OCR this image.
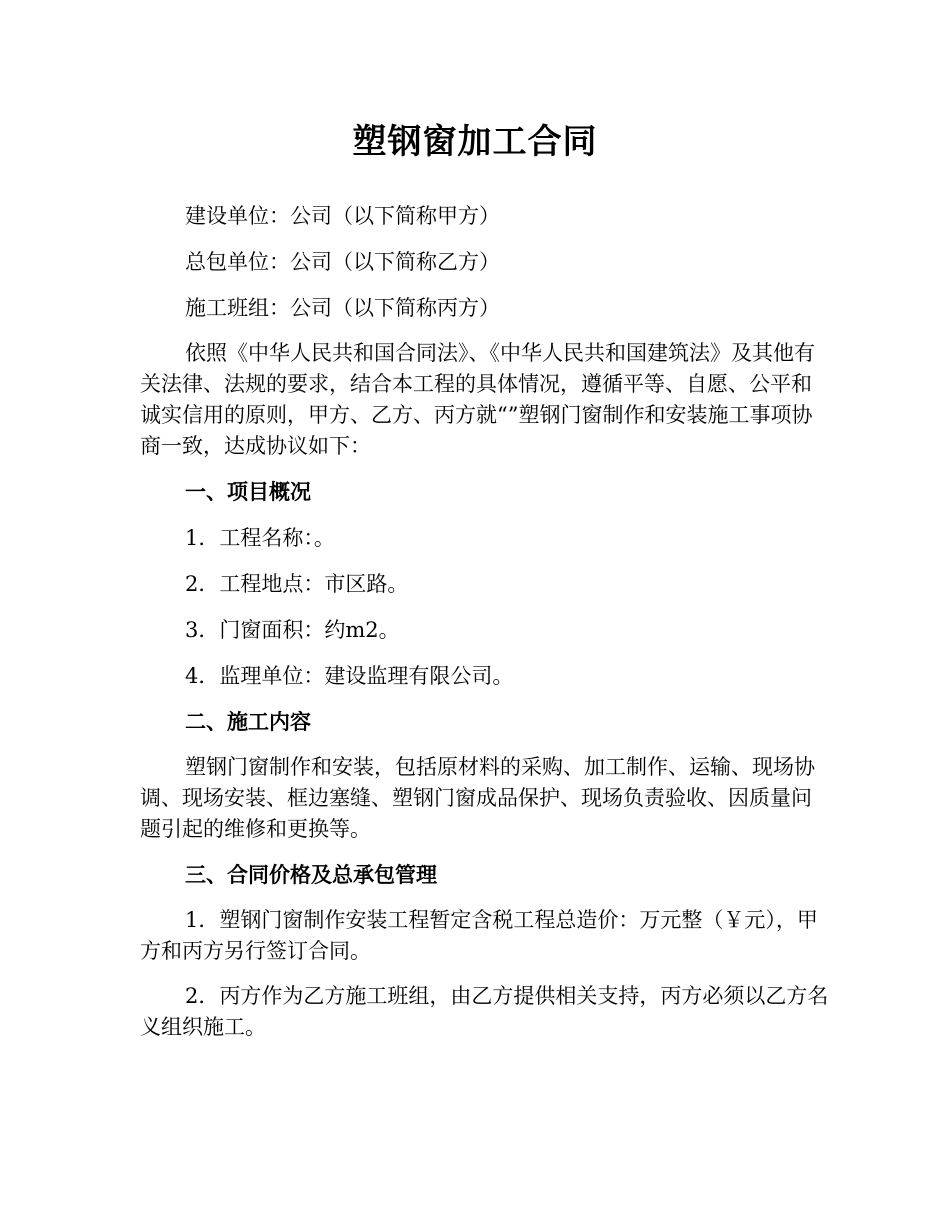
塑钢窗加工合同

建设单位：公司（以下简称甲方）

总包单位：公司（以下简称乙方）

施工班组：公司（以下简称丙方）

依照《中华人民共和国合同法》、《中华人民共和国建筑法》及其他有关法律、法规的要求，结合本工程的具体情况，遵循平等、自愿、公平和诚实信用的原则，甲方、乙方、丙方就“”塑钢门窗制作和安装施工事项协商一致，达成协议如下：

一、项目概况

1．工程名称：。

2．工程地点：市区路。

3．门窗面积：约m2。

4．监理单位：建设监理有限公司。

二、施工内容

塑钢门窗制作和安装，包括原材料的采购、加工制作、运输、现场协调、现场安装、框边塞缝、塑钢门窗成品保护、现场负责验收、因质量问题引起的维修和更换等。

三、合同价格及总承包管理

1．塑钢门窗制作安装工程暂定含税工程总造价：万元整（￥元），甲方和丙方另行签订合同。

2．丙方作为乙方施工班组，由乙方提供相关支持，丙方必须以乙方名义组织施工。
